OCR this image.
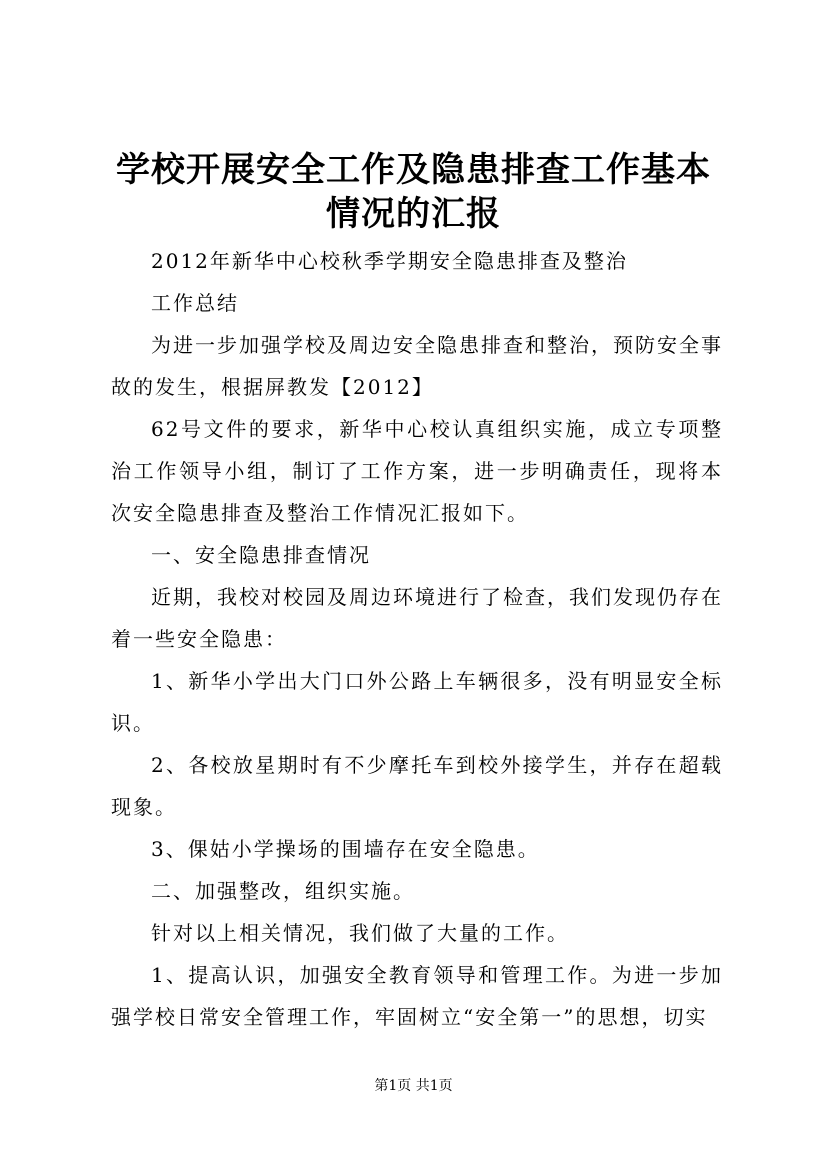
学校开展安全工作及隐患排查工作基本情况的汇报

2012年新华中心校秋季学期安全隐患排查及整治

工作总结

为进一步加强学校及周边安全隐患排查和整治，预防安全事故的发生，根据屏教发【2012】

62号文件的要求，新华中心校认真组织实施，成立专项整治工作领导小组，制订了工作方案，进一步明确责任，现将本次安全隐患排查及整治工作情况汇报如下。

一、安全隐患排查情况

近期，我校对校园及周边环境进行了检查，我们发现仍存在着一些安全隐患：

1、新华小学出大门口外公路上车辆很多，没有明显安全标识。

2、各校放星期时有不少摩托车到校外接学生，并存在超载现象。

3、倮姑小学操场的围墙存在安全隐患。

二、加强整改，组织实施。

针对以上相关情况，我们做了大量的工作。

1、提高认识，加强安全教育领导和管理工作。为进一步加强学校日常安全管理工作，牢固树立“安全第一”的思想，切实

第1页 共1页
